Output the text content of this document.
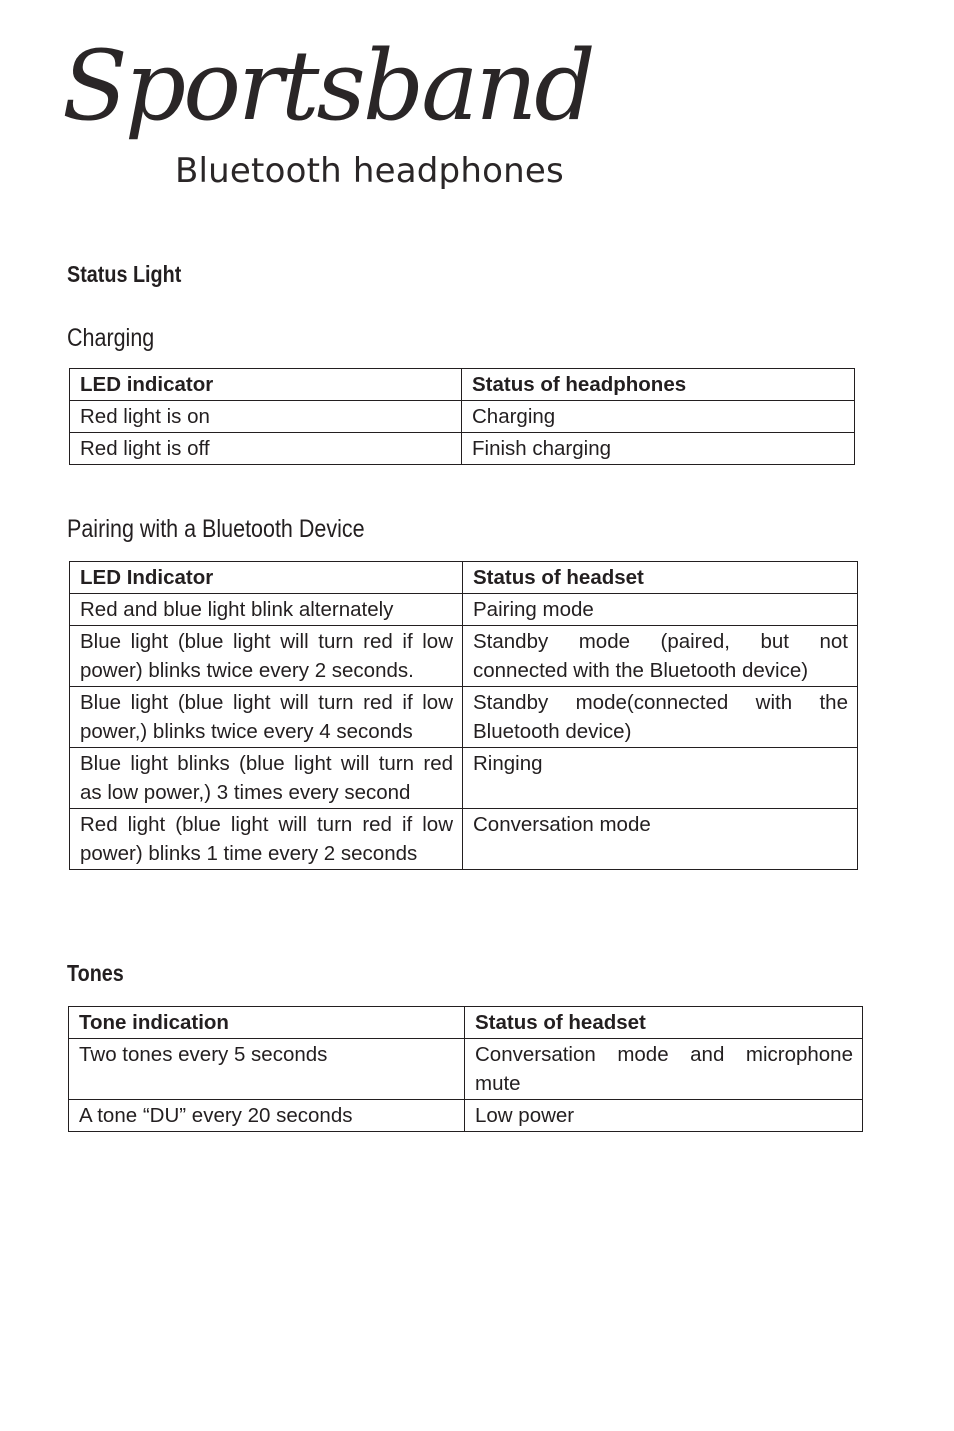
Sportsband
Bluetooth headphones
Status Light
Charging
LED indicator	Status of headphones
Red light is on	Charging
Red light is off	Finish charging
Pairing with a Bluetooth Device
LED Indicator	Status of headset
Red and blue light blink alternately	Pairing mode
Blue light (blue light will turn red if low power) blinks twice every 2 seconds.	Standby mode (paired, but not connected with the Bluetooth device)
Blue light (blue light will turn red if low power,) blinks twice every 4 seconds	Standby mode(connected with the Bluetooth device)
Blue light blinks (blue light will turn red as low power,) 3 times every second	Ringing
Red light (blue light will turn red if low power) blinks 1 time every 2 seconds	Conversation mode
Tones
Tone indication	Status of headset
Two tones every 5 seconds	Conversation mode and microphone mute
A tone “DU” every 20 seconds	Low power
